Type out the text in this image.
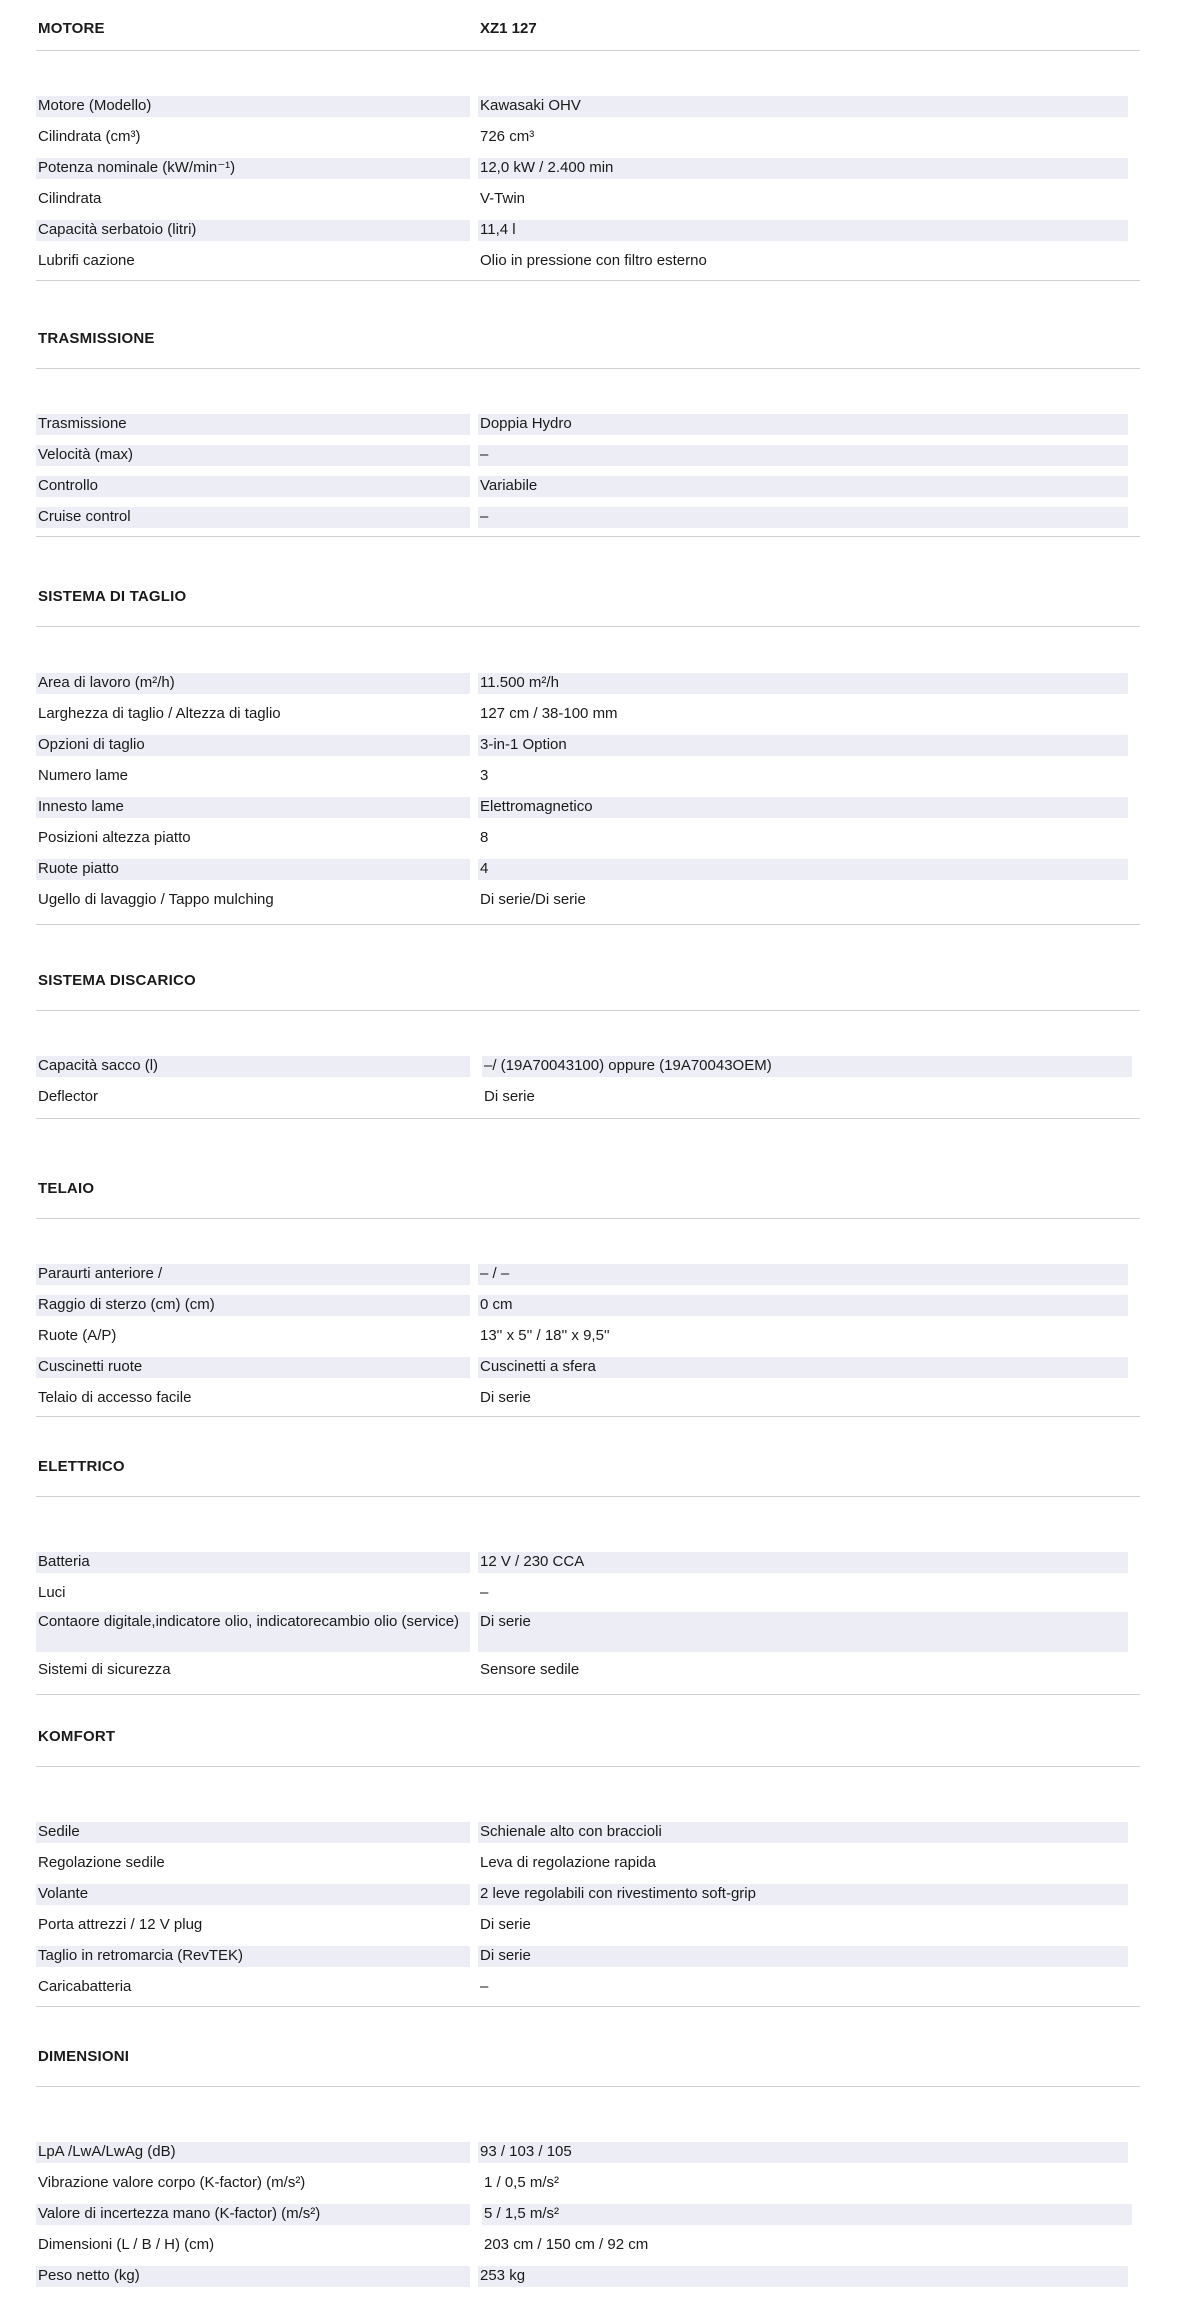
MOTORE	XZ1 127
Motore (Modello)	Kawasaki OHV
Cilindrata (cm³)	726 cm³
Potenza nominale (kW/min⁻¹)	12,0 kW / 2.400 min
Cilindrata	V-Twin
Capacità serbatoio (litri)	11,4 l
Lubrifi cazione	Olio in pressione con filtro esterno
TRASMISSIONE
Trasmissione	Doppia Hydro
Velocità (max)	–
Controllo	Variabile
Cruise control	–
SISTEMA DI TAGLIO
Area di lavoro (m²/h)	11.500 m²/h
Larghezza di taglio / Altezza di taglio	127 cm / 38-100 mm
Opzioni di taglio	3-in-1 Option
Numero lame	3
Innesto lame	Elettromagnetico
Posizioni altezza piatto	8
Ruote piatto	4
Ugello di lavaggio / Tappo mulching	Di serie/Di serie
SISTEMA DISCARICO
Capacità sacco (l)	–/ (19A70043100) oppure (19A70043OEM)
Deflector	Di serie
TELAIO
Paraurti anteriore /	– / –
Raggio di sterzo (cm) (cm)	0 cm
Ruote (A/P)	13'' x 5'' / 18'' x 9,5''
Cuscinetti ruote	Cuscinetti a sfera
Telaio di accesso facile	Di serie
ELETTRICO
Batteria	12 V / 230 CCA
Luci	–
Contaore digitale,indicatore olio, indicatorecambio olio (service)	Di serie
Sistemi di sicurezza	Sensore sedile
KOMFORT
Sedile	Schienale alto con braccioli
Regolazione sedile	Leva di regolazione rapida
Volante	2 leve regolabili con rivestimento soft-grip
Porta attrezzi / 12 V plug	Di serie
Taglio in retromarcia (RevTEK)	Di serie
Caricabatteria	–
DIMENSIONI
LpA /LwA/LwAg (dB)	93 / 103 / 105
Vibrazione valore corpo (K-factor) (m/s²)	1 / 0,5 m/s²
Valore di incertezza mano (K-factor) (m/s²)	5 / 1,5 m/s²
Dimensioni (L / B / H) (cm)	203 cm / 150 cm / 92 cm
Peso netto (kg)	253 kg
